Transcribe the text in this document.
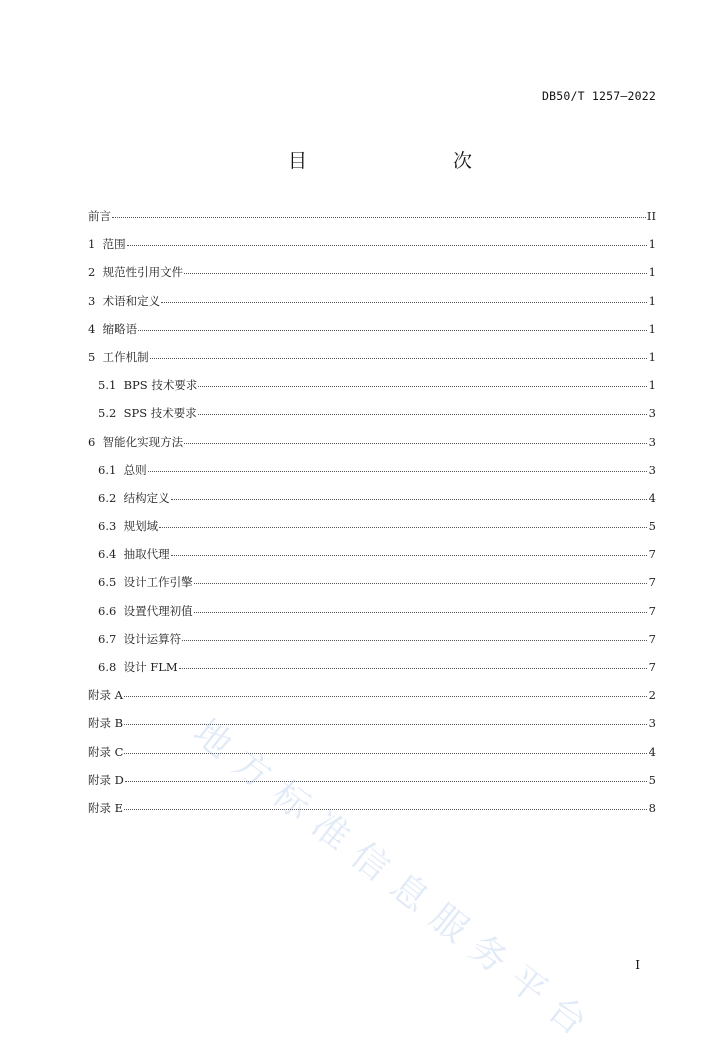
DB50/T 1257—2022
目　　次
前言	II
1  范围	1
2  规范性引用文件	1
3  术语和定义	1
4  缩略语	1
5  工作机制	1
5.1  BPS 技术要求	1
5.2  SPS 技术要求	3
6  智能化实现方法	3
6.1  总则	3
6.2  结构定义	4
6.3  规划域	5
6.4  抽取代理	7
6.5  设计工作引擎	7
6.6  设置代理初值	7
6.7  设计运算符	7
6.8  设计 FLM	7
附录 A	2
附录 B	3
附录 C	4
附录 D	5
附录 E	8
地方标准信息服务平台	I
